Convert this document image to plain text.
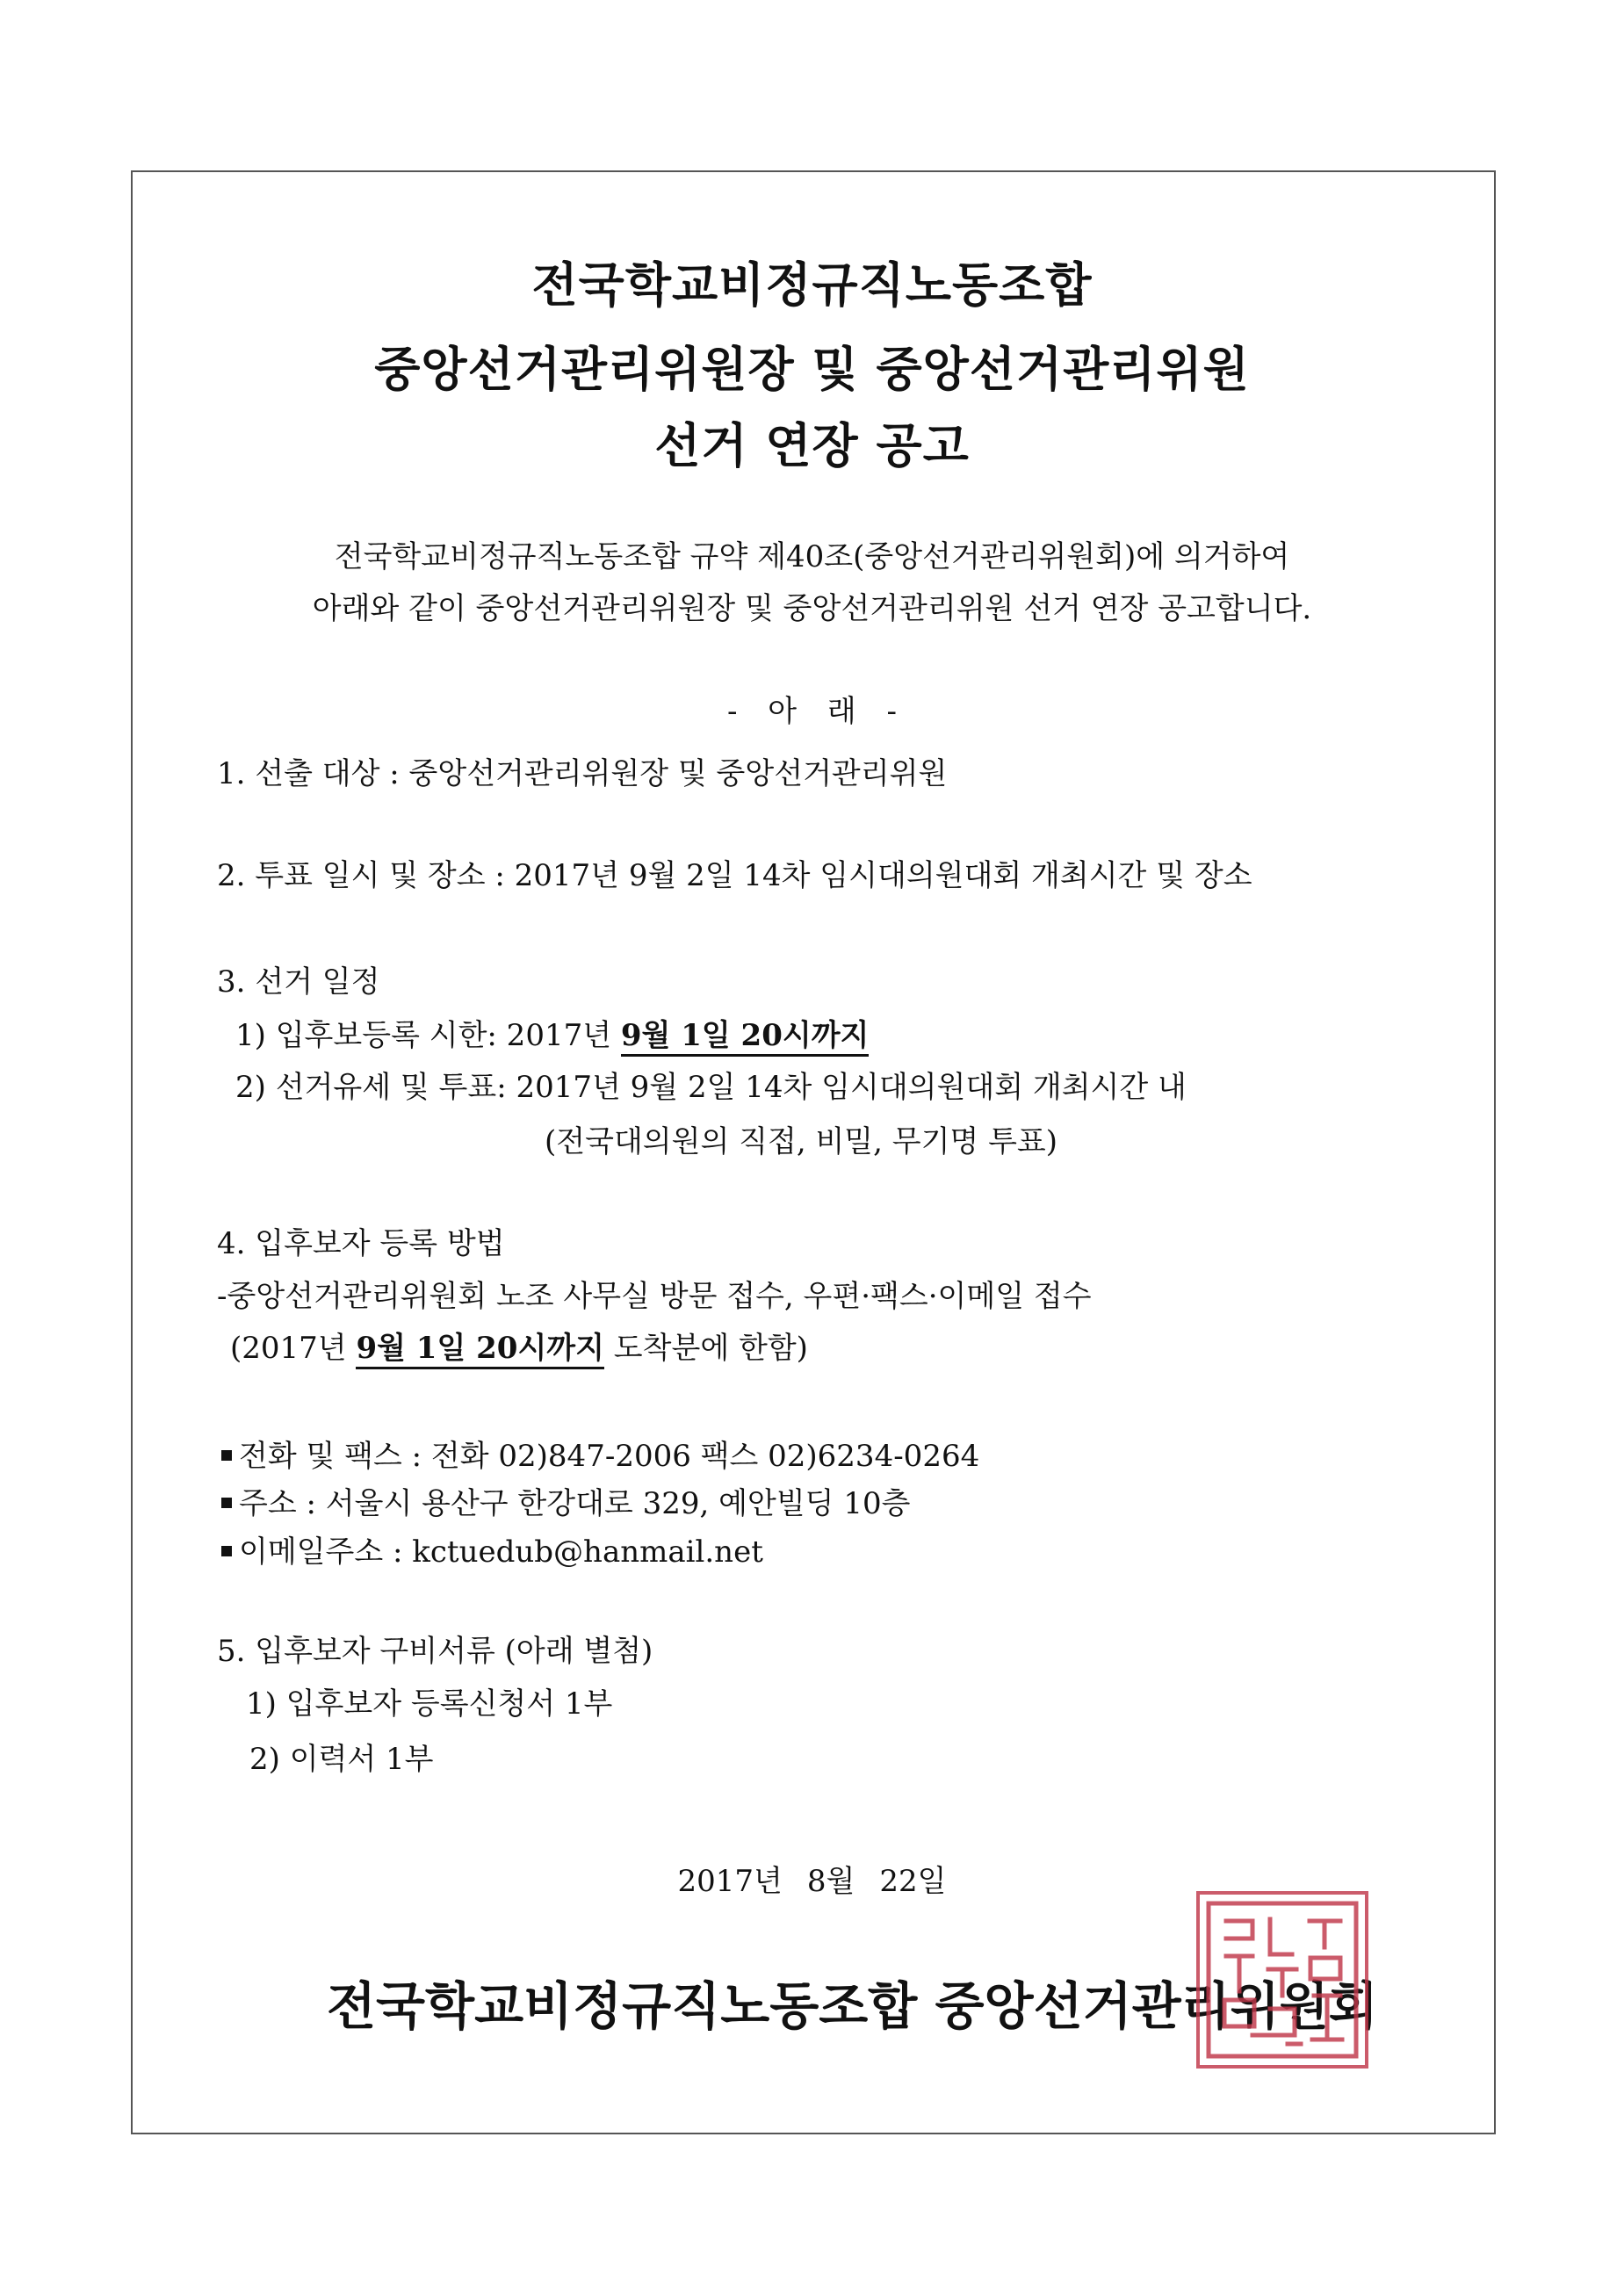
전국학교비정규직노동조합
중앙선거관리위원장 및 중앙선거관리위원
선거 연장 공고
전국학교비정규직노동조합 규약 제40조(중앙선거관리위원회)에 의거하여
아래와 같이 중앙선거관리위원장 및 중앙선거관리위원 선거 연장 공고합니다.
- 아 래 -
1. 선출 대상 : 중앙선거관리위원장 및 중앙선거관리위원
2. 투표 일시 및 장소 : 2017년 9월 2일 14차 임시대의원대회 개최시간 및 장소
3. 선거 일정
1) 입후보등록 시한: 2017년 9월 1일 20시까지
2) 선거유세 및 투표: 2017년 9월 2일 14차 임시대의원대회 개최시간 내
(전국대의원의 직접, 비밀, 무기명 투표)
4. 입후보자 등록 방법
-중앙선거관리위원회 노조 사무실 방문 접수, 우편·팩스·이메일 접수
(2017년 9월 1일 20시까지 도착분에 한함)
전화 및 팩스 : 전화 02)847-2006 팩스 02)6234-0264
주소 : 서울시 용산구 한강대로 329, 예안빌딩 10층
이메일주소 : kctuedub@hanmail.net
5. 입후보자 구비서류 (아래 별첨)
1) 입후보자 등록신청서 1부
2) 이력서 1부
2017년 8월 22일
전국학교비정규직노동조합 중앙선거관리위원회
